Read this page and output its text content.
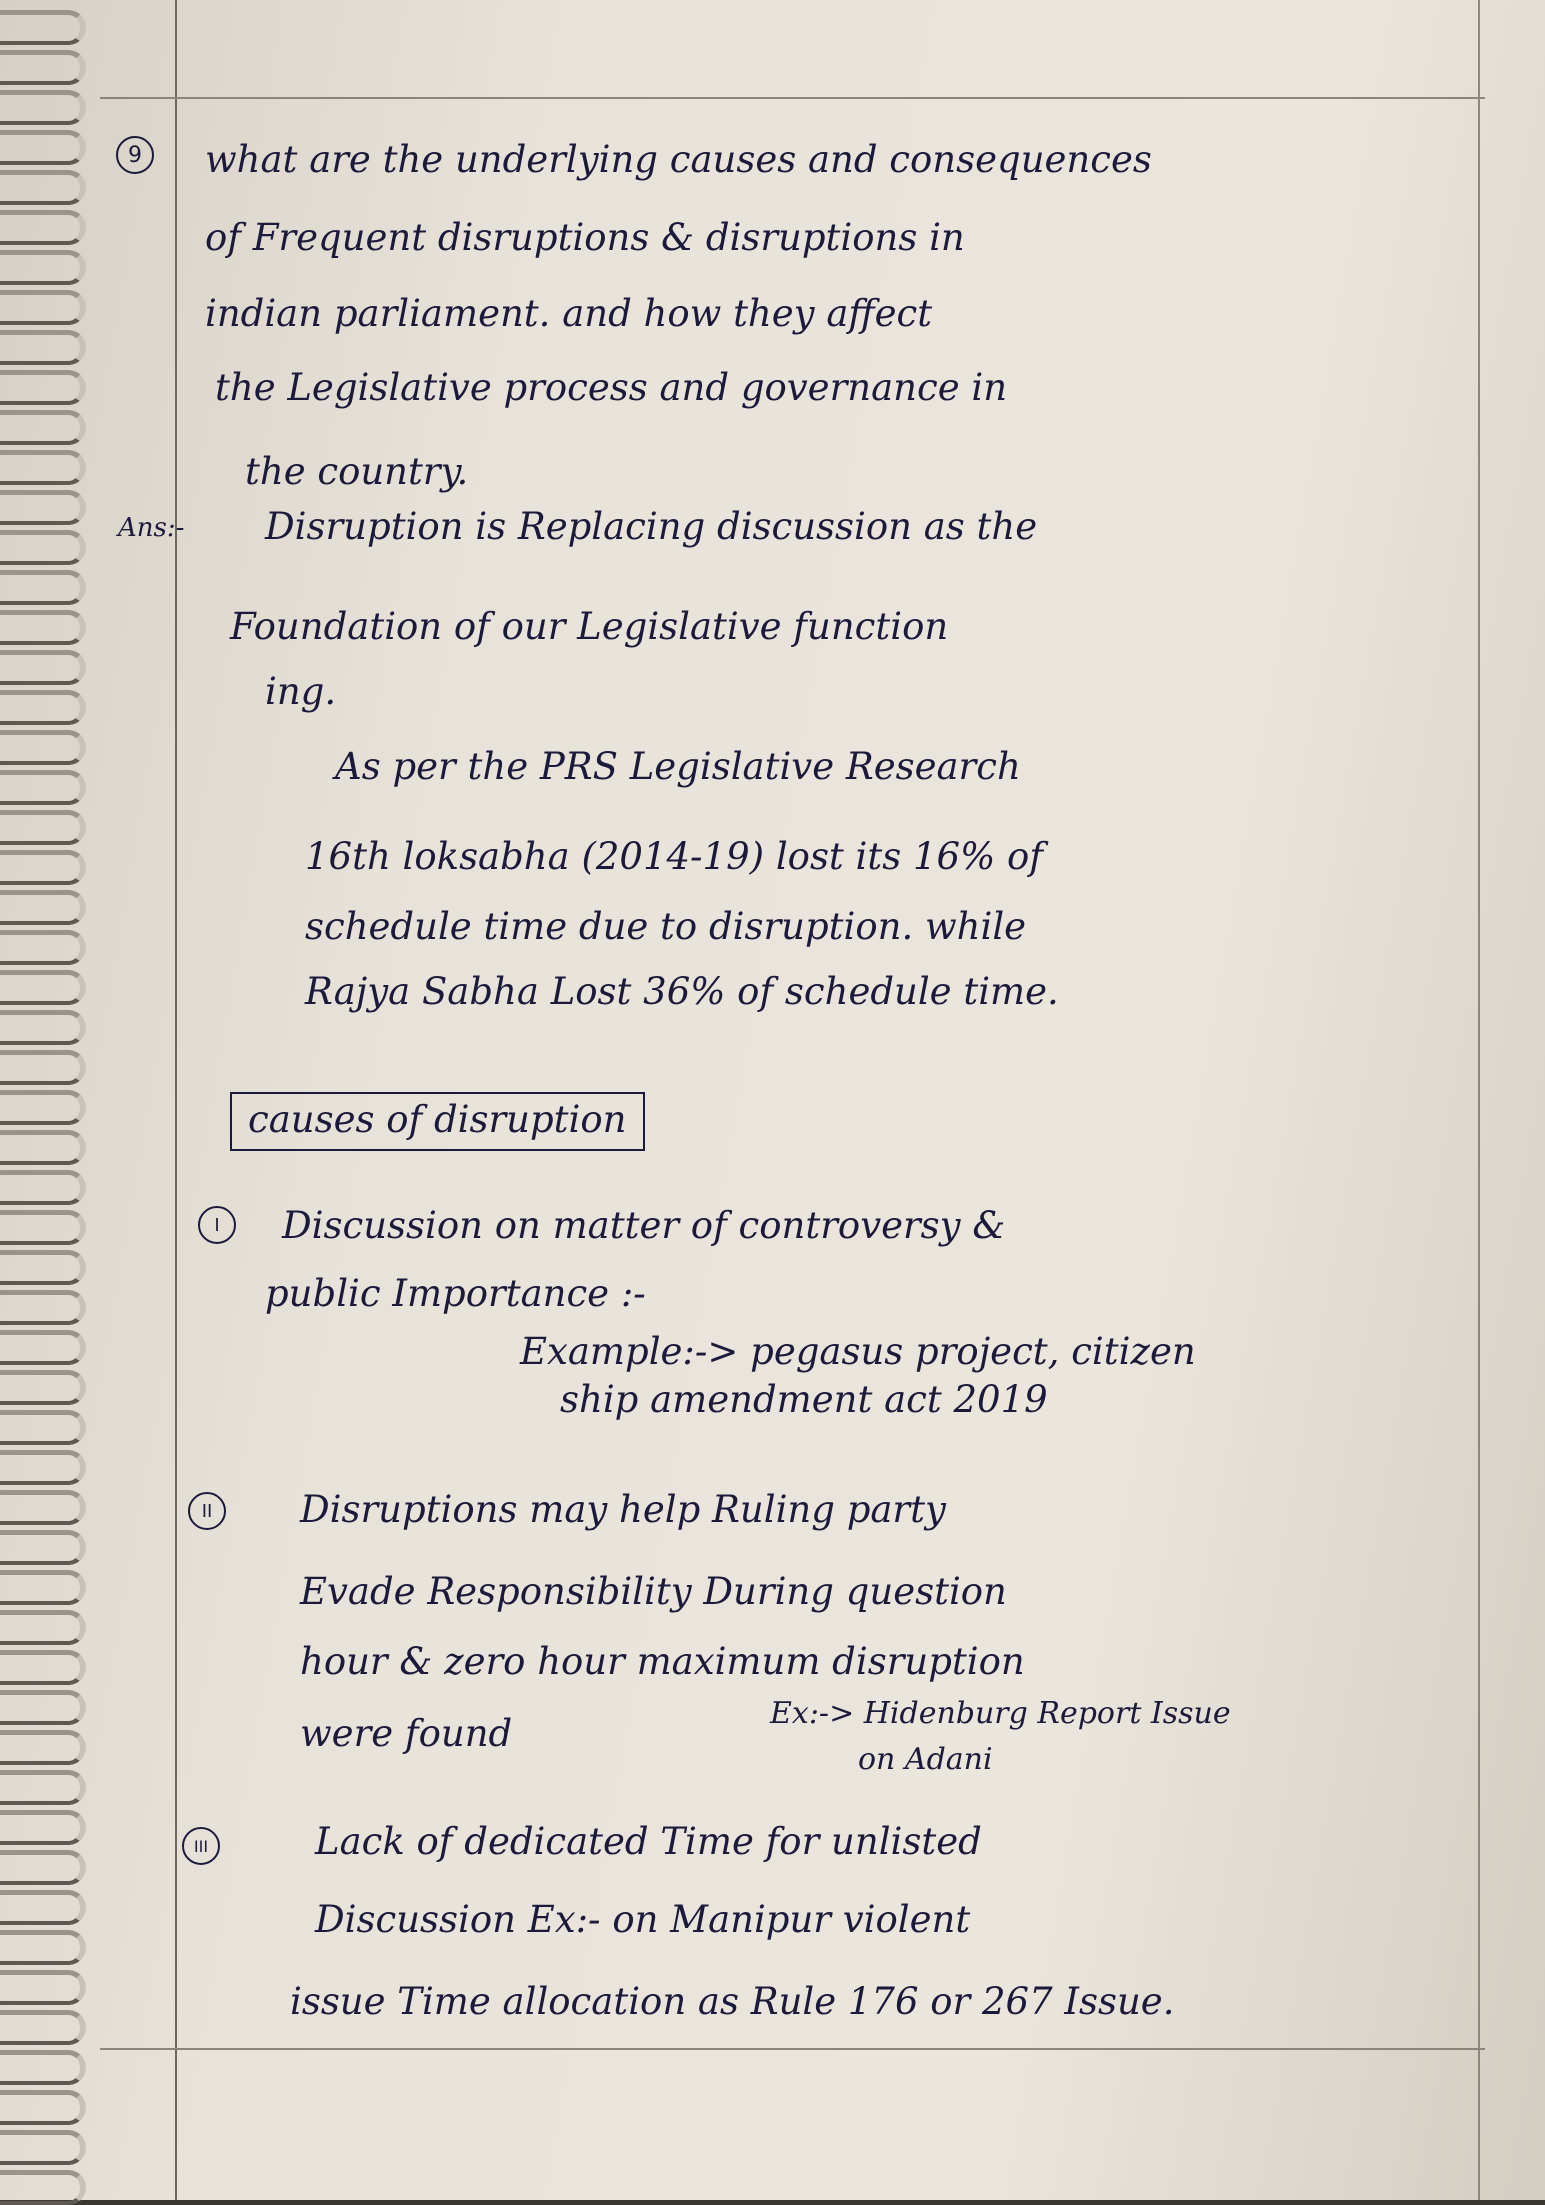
9	what are the underlying causes and consequences

of Frequent disruptions & disruptions in

indian parliament. and how they affect

the Legislative process and governance in

the country.

Ans:- Disruption is Replacing discussion as the

Foundation of our Legislative function

ing.

As per the PRS Legislative Research

16th loksabha (2014-19) lost its 16% of

schedule time due to disruption. while

Rajya Sabha Lost 36% of schedule time.

causes of disruption

I	Discussion on matter of controversy &

public Importance :-

Example:-> pegasus project, citizen

ship amendment act 2019

II	Disruptions may help Ruling party

Evade Responsibility During question

hour & zero hour maximum disruption

were found	Ex:-> Hidenburg Report Issue

on Adani

III	Lack of dedicated Time for unlisted

Discussion Ex:- on Manipur violent

issue Time allocation as Rule 176 or 267 Issue.
